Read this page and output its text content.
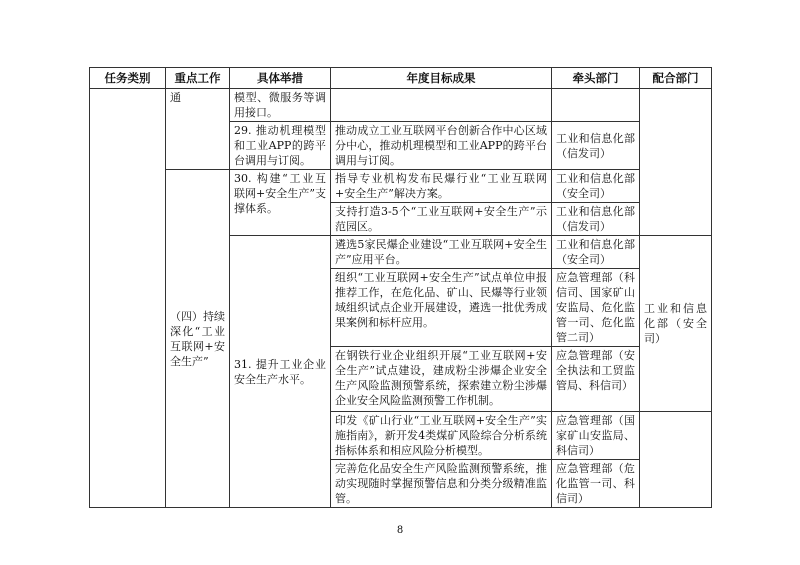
任务类别	重点工作	具体举措	年度目标成果	牵头部门	配合部门
	通	模型、微服务等调用接口。			
		29. 推动机理模型和工业APP的跨平台调用与订阅。	推动成立工业互联网平台创新合作中心区域分中心，推动机理模型和工业APP的跨平台调用与订阅。	工业和信息化部（信发司）	
	（四）持续深化“工业互联网+安全生产”	30. 构建“工业互联网+安全生产”支撑体系。	指导专业机构发布民爆行业“工业互联网+安全生产”解决方案。	工业和信息化部（安全司）	
			支持打造3-5个“工业互联网+安全生产”示范园区。	工业和信息化部（信发司）	
		31. 提升工业企业安全生产水平。	遴选5家民爆企业建设“工业互联网+安全生产”应用平台。	工业和信息化部（安全司）	工业和信息化部（安全司）
			组织“工业互联网+安全生产”试点单位申报推荐工作，在危化品、矿山、民爆等行业领域组织试点企业开展建设，遴选一批优秀成果案例和标杆应用。	应急管理部（科信司、国家矿山安监局、危化监管一司、危化监管二司）	
			在钢铁行业企业组织开展“工业互联网+安全生产”试点建设，建成粉尘涉爆企业安全生产风险监测预警系统，探索建立粉尘涉爆企业安全风险监测预警工作机制。	应急管理部（安全执法和工贸监管局、科信司）	
			印发《矿山行业“工业互联网+安全生产”实施指南》，新开发4类煤矿风险综合分析系统指标体系和相应风险分析模型。	应急管理部（国家矿山安监局、科信司）	
			完善危化品安全生产风险监测预警系统，推动实现随时掌握预警信息和分类分级精准监管。	应急管理部（危化监管一司、科信司）	
8
